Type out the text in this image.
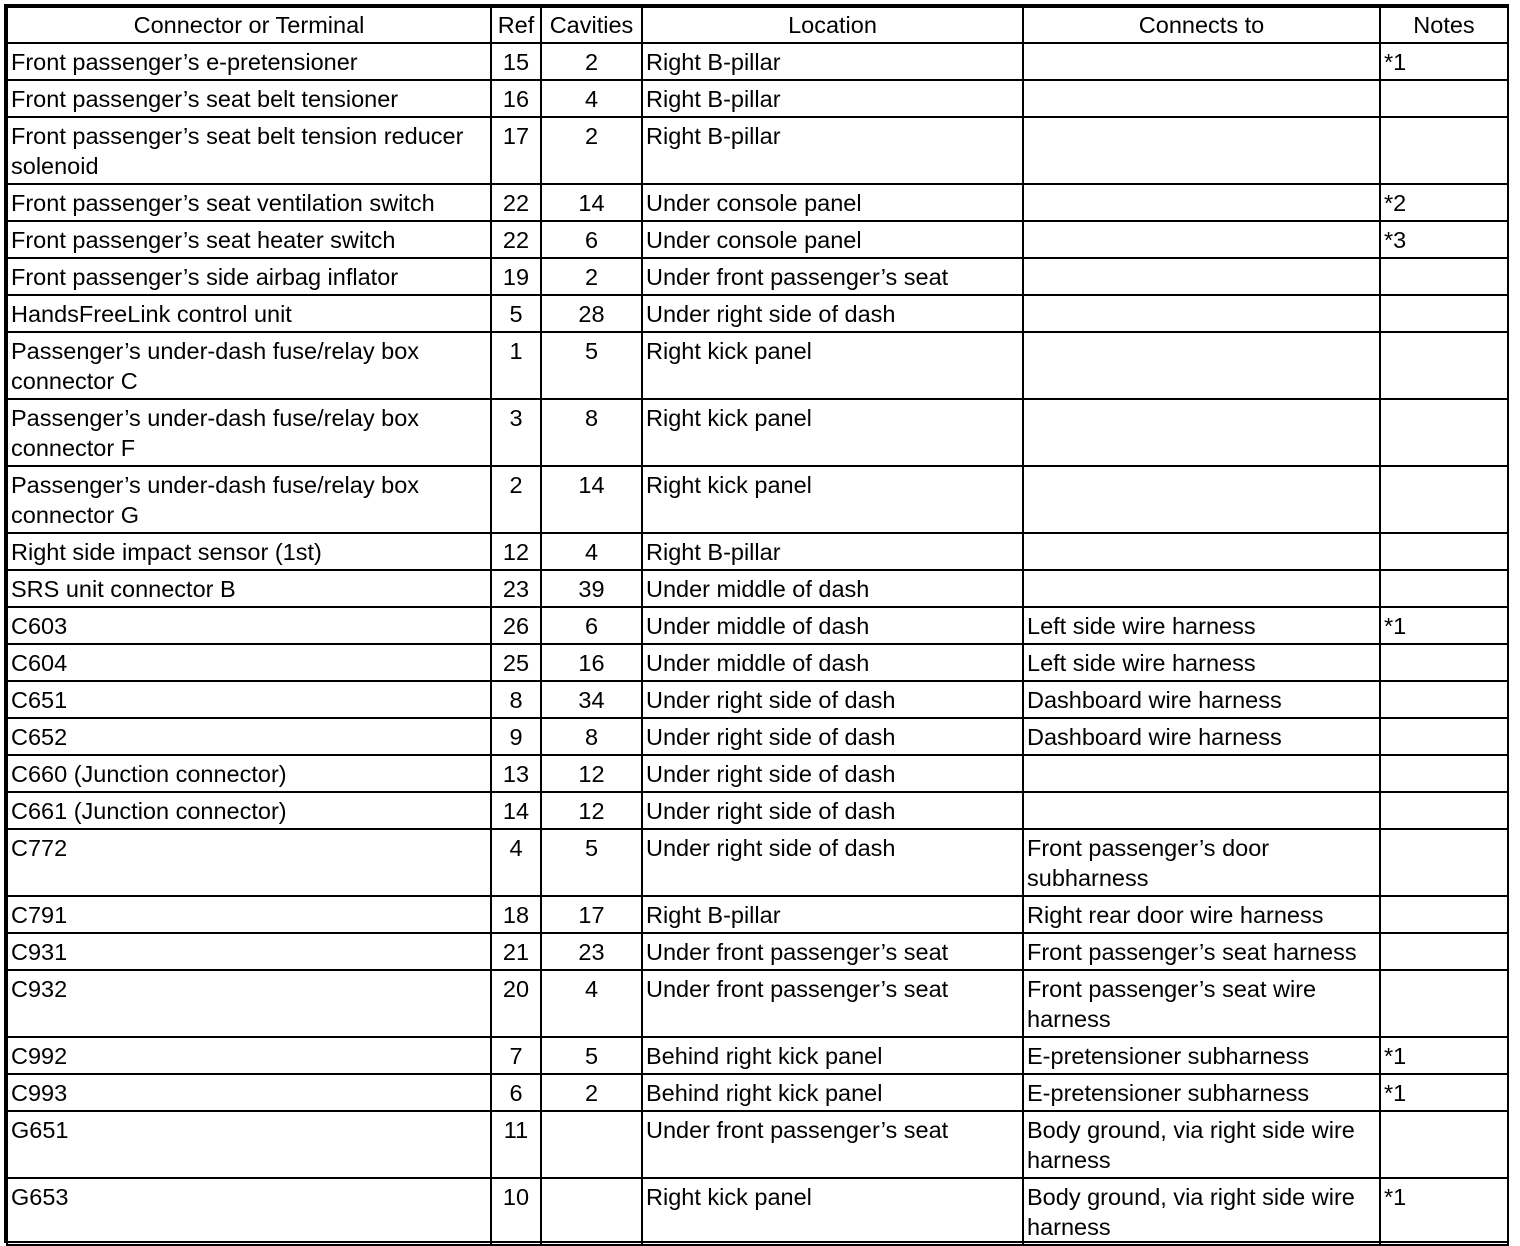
Connector or Terminal	Ref	Cavities	Location	Connects to	Notes

Front passenger’s e-pretensioner	15	2	Right B-pillar		*1

Front passenger’s seat belt tensioner	16	4	Right B-pillar		

Front passenger’s seat belt tension reducer solenoid	17	2	Right B-pillar		

Front passenger’s seat ventilation switch	22	14	Under console panel		*2

Front passenger’s seat heater switch	22	6	Under console panel		*3

Front passenger’s side airbag inflator	19	2	Under front passenger’s seat		

HandsFreeLink control unit	5	28	Under right side of dash		

Passenger’s under-dash fuse/relay box connector C	1	5	Right kick panel		

Passenger’s under-dash fuse/relay box connector F	3	8	Right kick panel		

Passenger’s under-dash fuse/relay box connector G	2	14	Right kick panel		

Right side impact sensor (1st)	12	4	Right B-pillar		

SRS unit connector B	23	39	Under middle of dash		

C603	26	6	Under middle of dash	Left side wire harness	*1

C604	25	16	Under middle of dash	Left side wire harness	

C651	8	34	Under right side of dash	Dashboard wire harness	

C652	9	8	Under right side of dash	Dashboard wire harness	

C660 (Junction connector)	13	12	Under right side of dash		

C661 (Junction connector)	14	12	Under right side of dash		

C772	4	5	Under right side of dash	Front passenger’s door subharness	

C791	18	17	Right B-pillar	Right rear door wire harness	

C931	21	23	Under front passenger’s seat	Front passenger’s seat harness	

C932	20	4	Under front passenger’s seat	Front passenger’s seat wire harness	

C992	7	5	Behind right kick panel	E-pretensioner subharness	*1

C993	6	2	Behind right kick panel	E-pretensioner subharness	*1

G651	11		Under front passenger’s seat	Body ground, via right side wire harness	

G653	10		Right kick panel	Body ground, via right side wire harness	*1
